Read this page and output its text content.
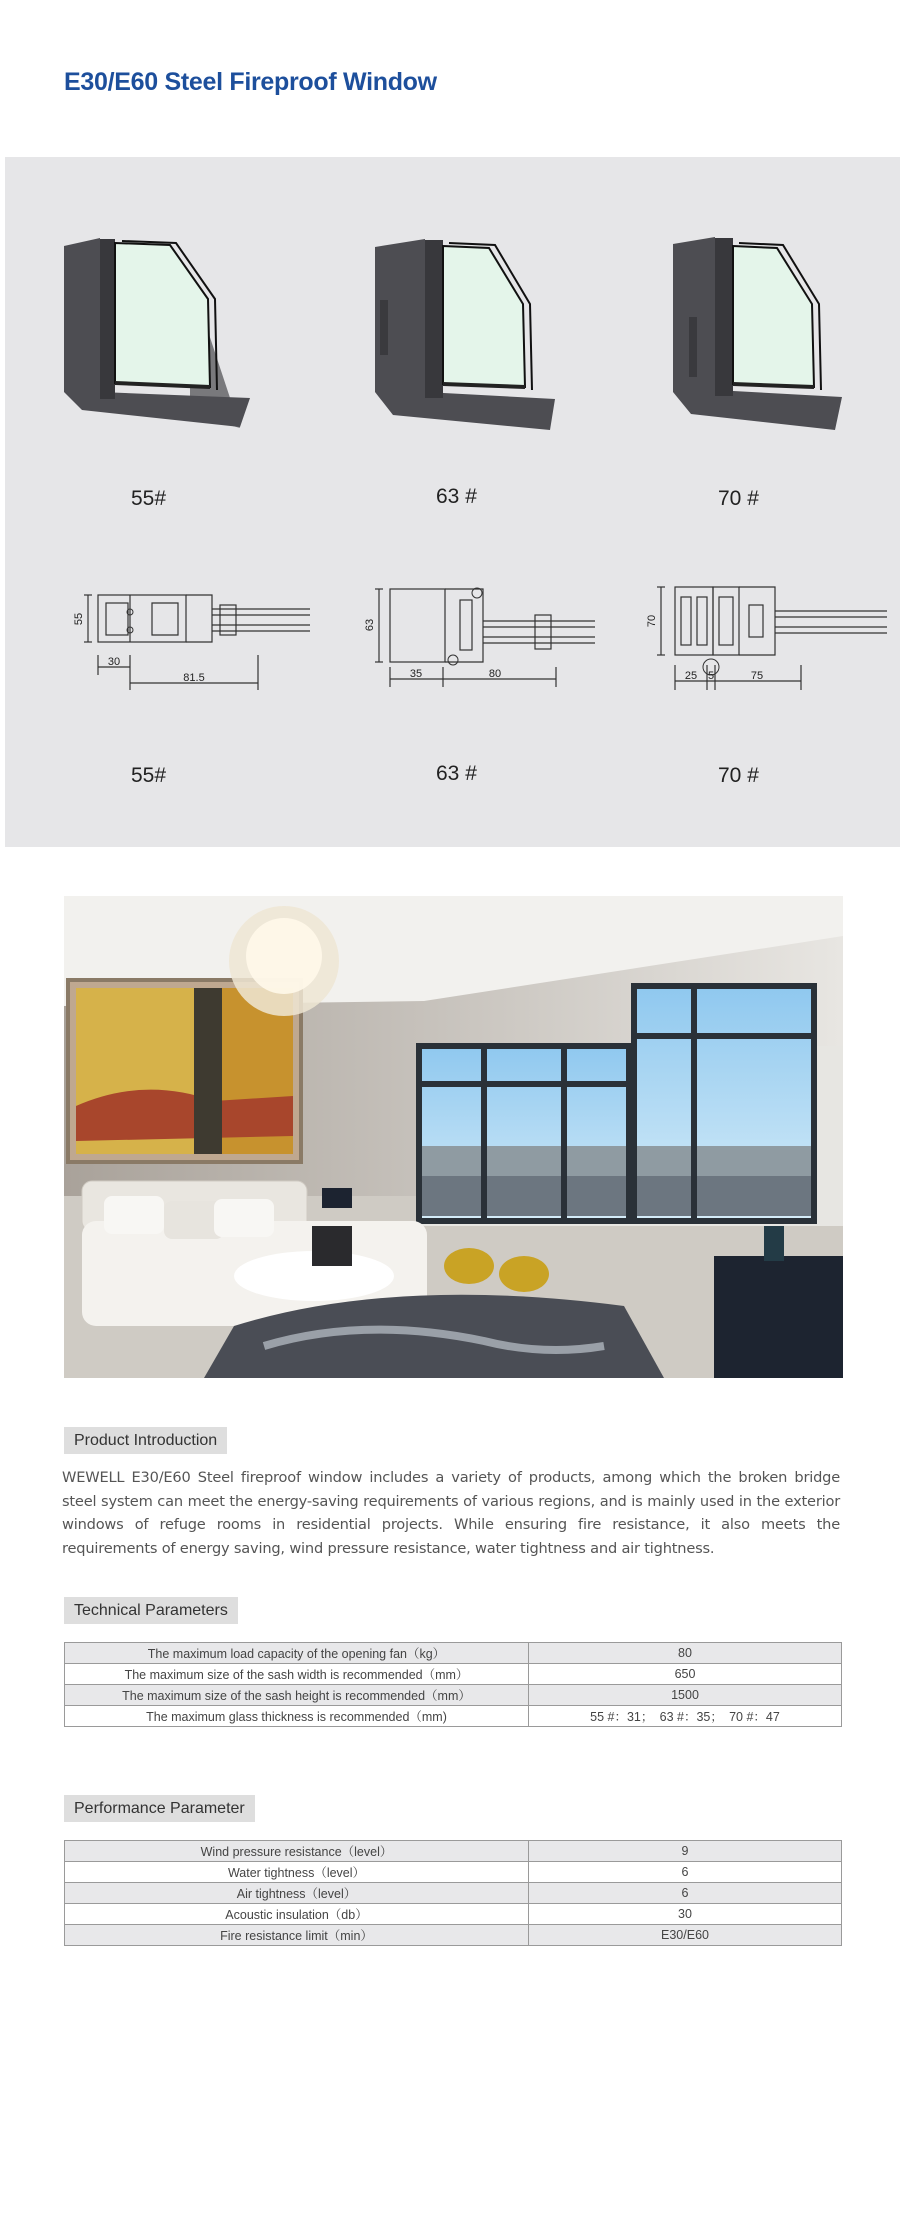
E30/E60 Steel Fireproof Window
55#	63 #	70 #
55
30
81.5
63
35	80
70
25 5	75
55#	63 #	70 #
Product Introduction

WEWELL E30/E60 Steel fireproof window includes a variety of products, among which the broken bridge steel system can meet the energy-saving requirements of various regions, and is mainly used in the exterior windows of refuge rooms in residential projects. While ensuring fire resistance, it also meets the requirements of energy saving, wind pressure resistance, water tightness and air tightness.

Technical Parameters
The maximum load capacity of the opening fan（kg）	80
The maximum size of the sash width is recommended（mm）	650
The maximum size of the sash height is recommended（mm）	1500
The maximum glass thickness is recommended（mm)	55 #：31；　63 #：35；　70 #：47
Performance Parameter
Wind pressure resistance（level）	9
Water tightness（level）	6
Air tightness（level）	6
Acoustic insulation（db）	30
Fire resistance limit（min）	E30/E60
